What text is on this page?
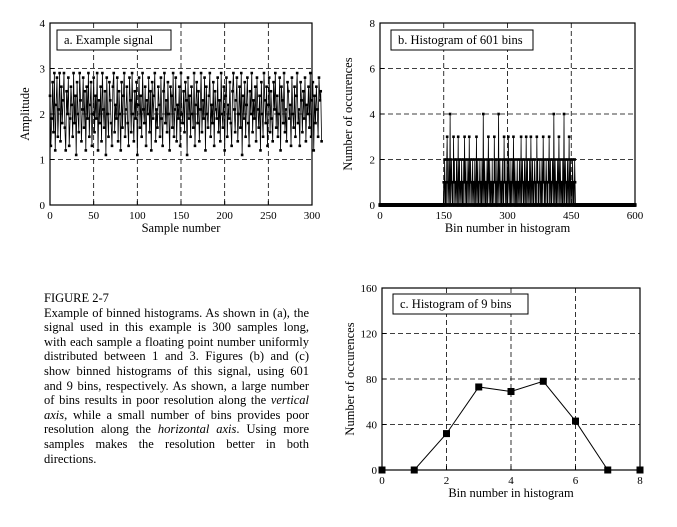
0	50	100 150 200 250 300
0
1
2
3
4
Sample number
Amplitude
a. Example signal
0	150	300	450	600
0
2
4
6
8
Bin number in histogram
Number of occurences
b. Histogram of 601 bins
0	2	4	6	8
0
40
80
120
160
Bin number in histogram
Number of occurences
c. Histogram of 9 bins
FIGURE 2-7
Example of binned histograms. As shown in (a), the signal used in this example is 300 samples long, with each sample a floating point number uniformly distributed between 1 and 3. Figures (b) and (c) show binned histograms of this signal, using 601 and 9 bins, respectively. As shown, a large number of bins results in poor resolution along the vertical axis, while a small number of bins provides poor resolution along the horizontal axis. Using more samples makes the resolution better in both directions.
